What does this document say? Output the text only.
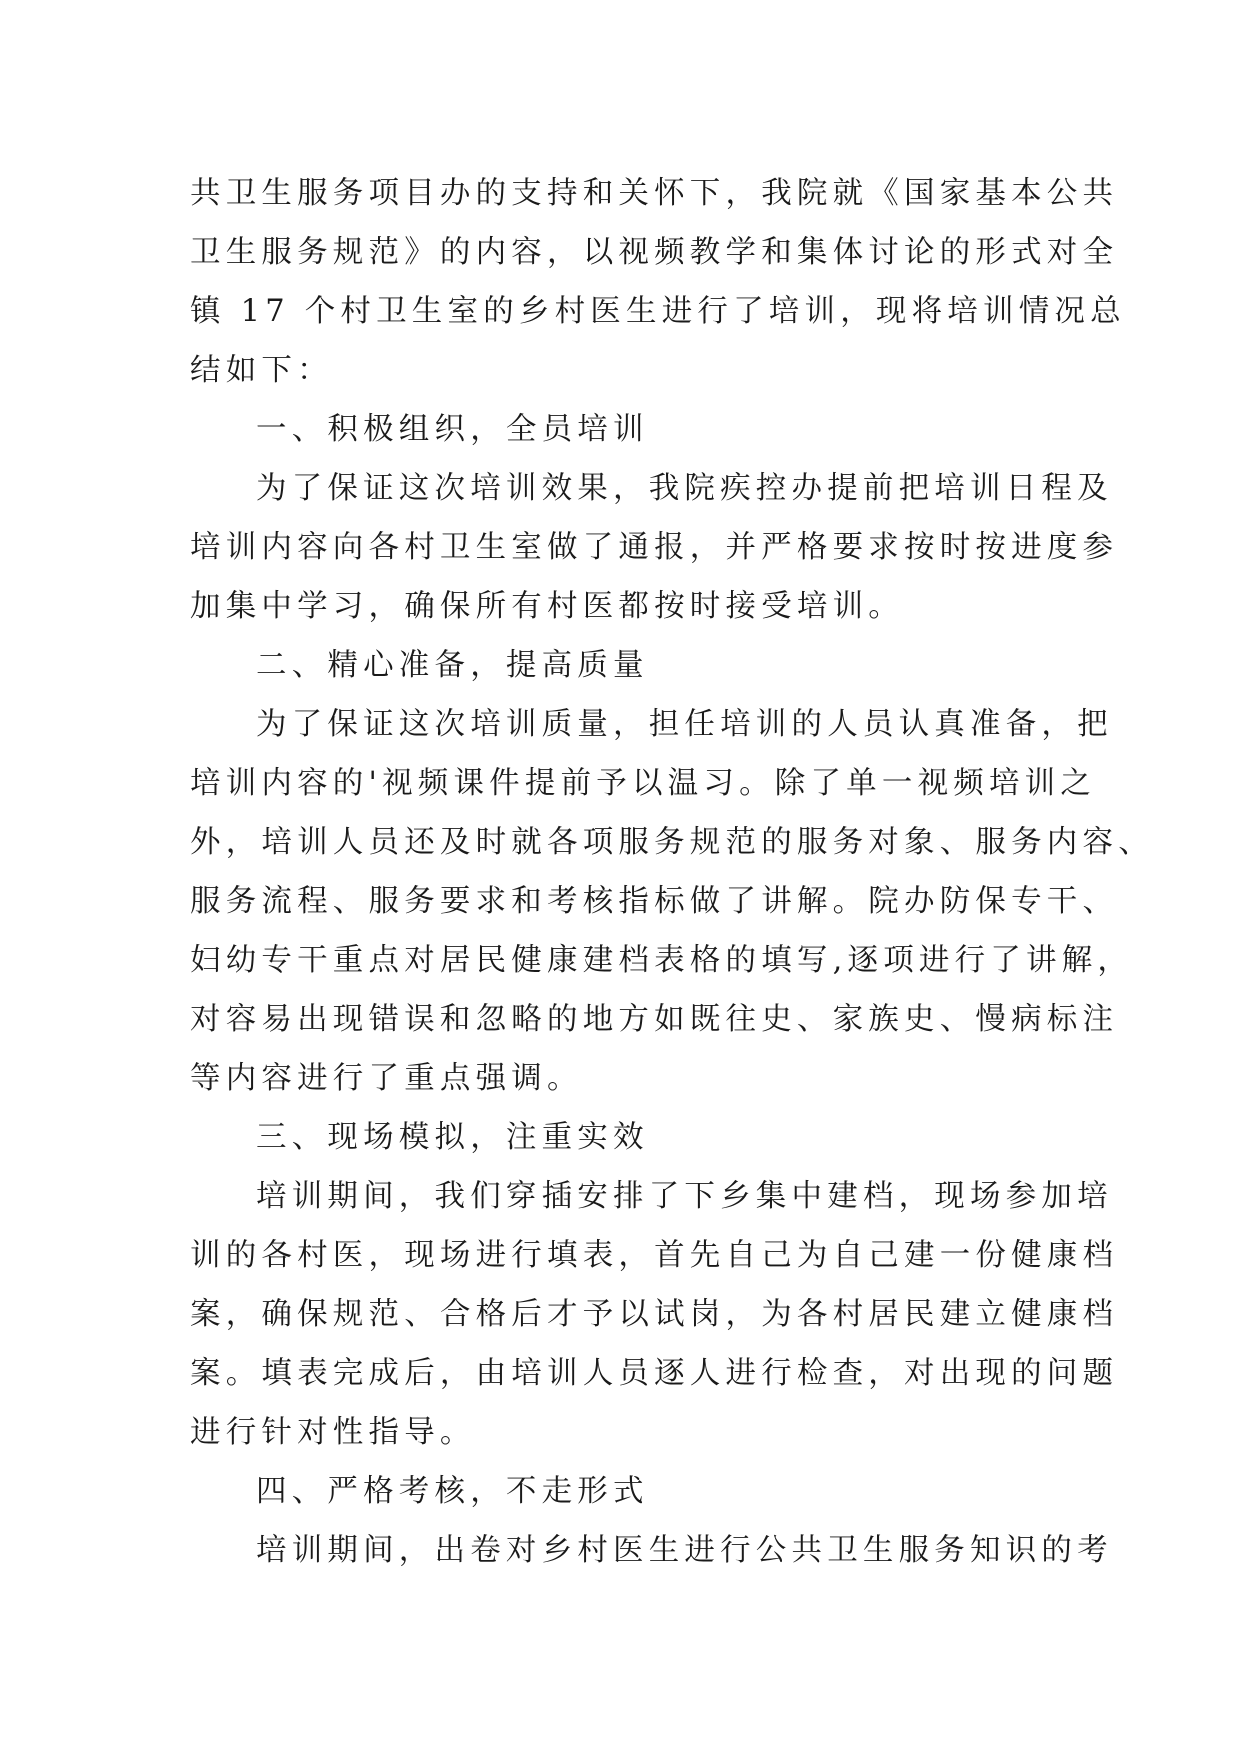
共卫生服务项目办的支持和关怀下，我院就《国家基本公共
卫生服务规范》的内容，以视频教学和集体讨论的形式对全
镇 17 个村卫生室的乡村医生进行了培训，现将培训情况总
结如下：
一、积极组织，全员培训
为了保证这次培训效果，我院疾控办提前把培训日程及
培训内容向各村卫生室做了通报，并严格要求按时按进度参
加集中学习，确保所有村医都按时接受培训。
二、精心准备，提高质量
为了保证这次培训质量，担任培训的人员认真准备，把
培训内容的'视频课件提前予以温习。除了单一视频培训之
外，培训人员还及时就各项服务规范的服务对象、服务内容、
服务流程、服务要求和考核指标做了讲解。院办防保专干、
妇幼专干重点对居民健康建档表格的填写,逐项进行了讲解，
对容易出现错误和忽略的地方如既往史、家族史、慢病标注
等内容进行了重点强调。
三、现场模拟，注重实效
培训期间，我们穿插安排了下乡集中建档，现场参加培
训的各村医，现场进行填表，首先自己为自己建一份健康档
案，确保规范、合格后才予以试岗，为各村居民建立健康档
案。填表完成后，由培训人员逐人进行检查，对出现的问题
进行针对性指导。
四、严格考核，不走形式
培训期间，出卷对乡村医生进行公共卫生服务知识的考
